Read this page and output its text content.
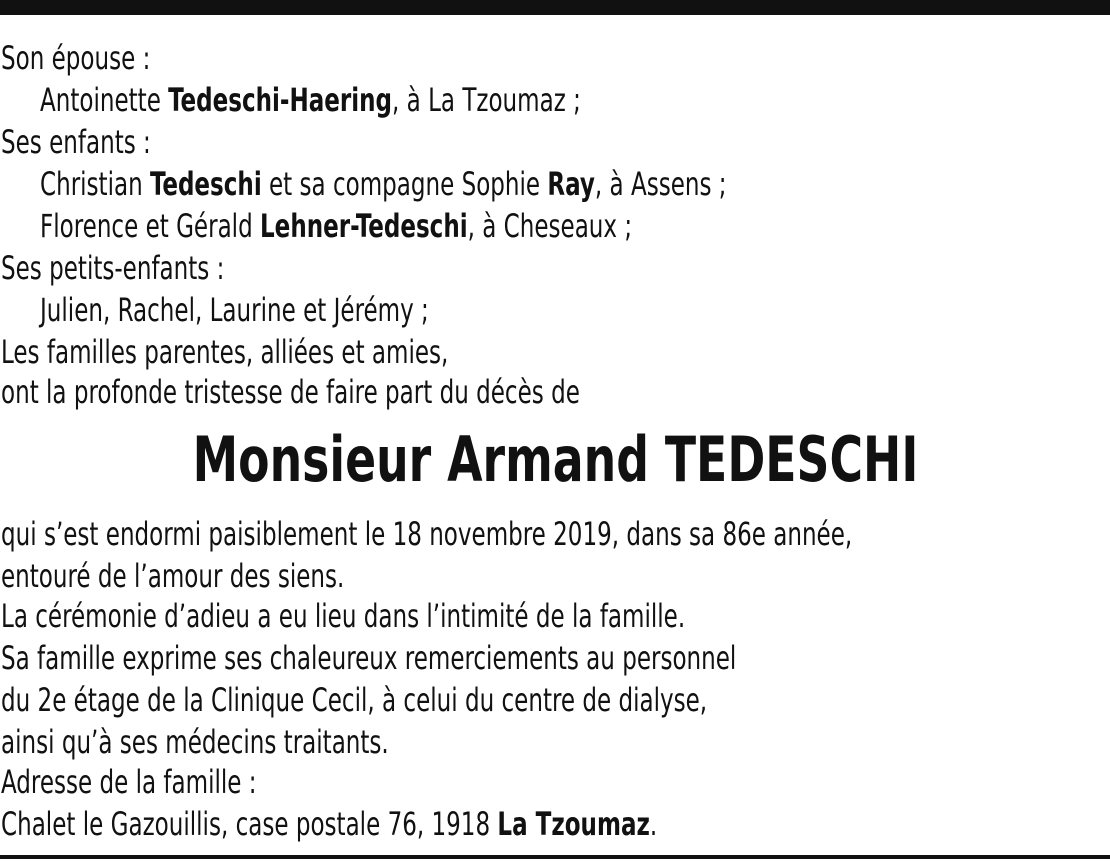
Son épouse :
Antoinette Tedeschi-Haering, à La Tzoumaz ;
Ses enfants :
Christian Tedeschi et sa compagne Sophie Ray, à Assens ;
Florence et Gérald Lehner-Tedeschi, à Cheseaux ;
Ses petits-enfants :
Julien, Rachel, Laurine et Jérémy ;
Les familles parentes, alliées et amies,
ont la profonde tristesse de faire part du décès de
Monsieur Armand TEDESCHI
qui s’est endormi paisiblement le 18 novembre 2019, dans sa 86e année,
entouré de l’amour des siens.
La cérémonie d’adieu a eu lieu dans l’intimité de la famille.
Sa famille exprime ses chaleureux remerciements au personnel
du 2e étage de la Clinique Cecil, à celui du centre de dialyse,
ainsi qu’à ses médecins traitants.
Adresse de la famille :
Chalet le Gazouillis, case postale 76, 1918 La Tzoumaz.
